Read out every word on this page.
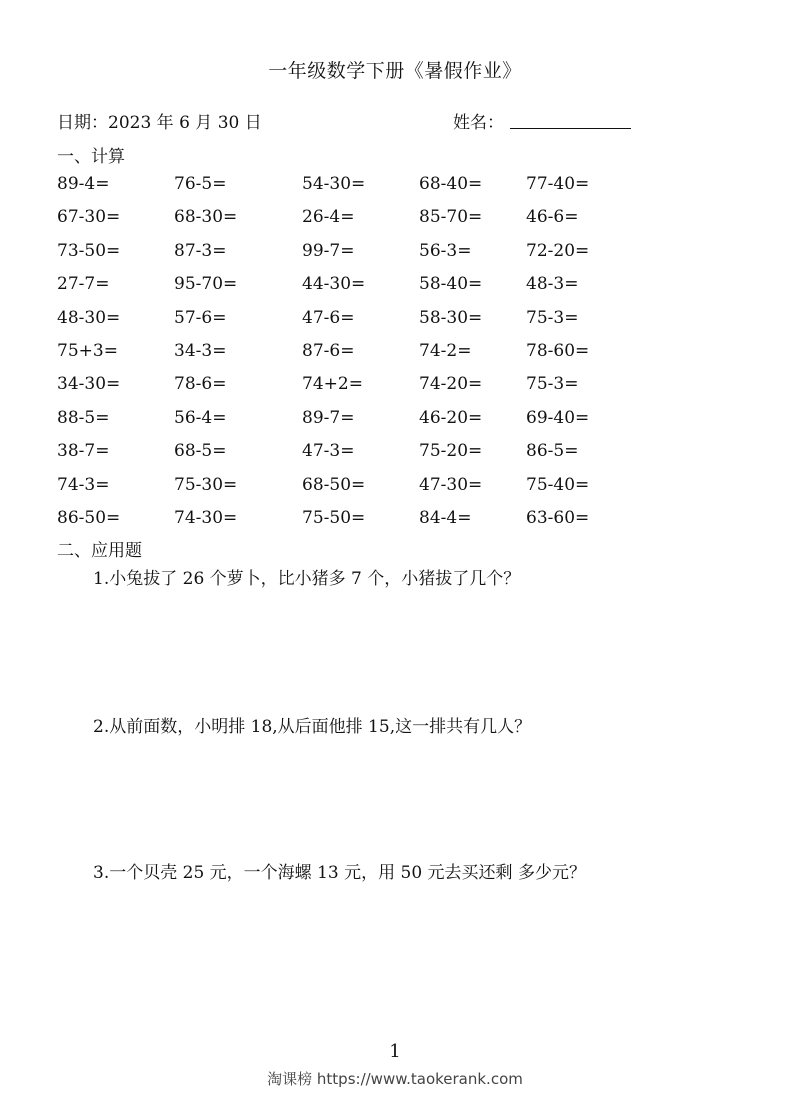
一年级数学下册《暑假作业》
日期：2023 年 6 月 30 日	姓名：
一、计算
89-4=	76-5=	54-30=	68-40=	77-40=
67-30=	68-30=	26-4=	85-70=	46-6=
73-50=	87-3=	99-7=	56-3=	72-20=
27-7=	95-70=	44-30=	58-40=	48-3=
48-30=	57-6=	47-6=	58-30=	75-3=
75+3=	34-3=	87-6=	74-2=	78-60=
34-30=	78-6=	74+2=	74-20=	75-3=
88-5=	56-4=	89-7=	46-20=	69-40=
38-7=	68-5=	47-3=	75-20=	86-5=
74-3=	75-30=	68-50=	47-30=	75-40=
86-50=	74-30=	75-50=	84-4=	63-60=
二、应用题
1.小兔拔了 26 个萝卜，比小猪多 7 个，小猪拔了几个？
2.从前面数，小明排 18,从后面他排 15,这一排共有几人？
3.一个贝壳 25 元，一个海螺 13 元，用 50 元去买还剩 多少元？
1
淘课榜 https://www.taokerank.com
